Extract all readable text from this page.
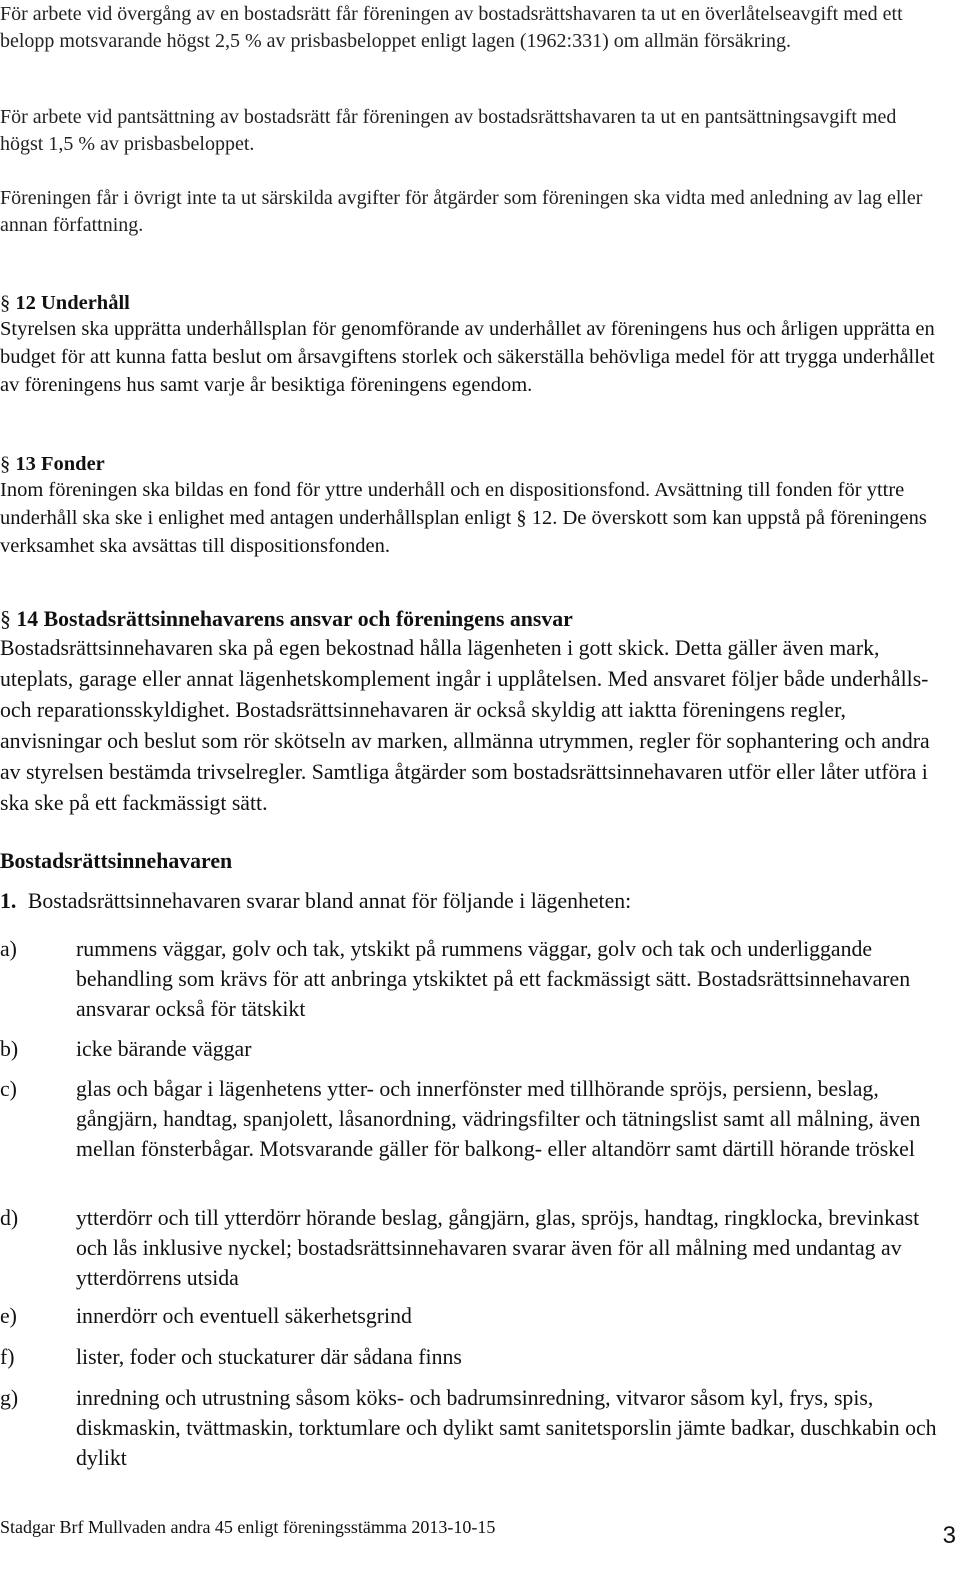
För arbete vid övergång av en bostadsrätt får föreningen av bostadsrättshavaren ta ut en överlåtelseavgift med ett belopp motsvarande högst 2,5 % av prisbasbeloppet enligt lagen (1962:331) om allmän försäkring.
För arbete vid pantsättning av bostadsrätt får föreningen av bostadsrättshavaren ta ut en pantsättningsavgift med högst 1,5 % av prisbasbeloppet.
Föreningen får i övrigt inte ta ut särskilda avgifter för åtgärder som föreningen ska vidta med anledning av lag eller annan författning.
§ 12 Underhåll
Styrelsen ska upprätta underhållsplan för genomförande av underhållet av föreningens hus och årligen upprätta en budget för att kunna fatta beslut om årsavgiftens storlek och säkerställa behövliga medel för att trygga underhållet av föreningens hus samt varje år besiktiga föreningens egendom.
§ 13 Fonder
Inom föreningen ska bildas en fond för yttre underhåll och en dispositionsfond. Avsättning till fonden för yttre underhåll ska ske i enlighet med antagen underhållsplan enligt § 12. De överskott som kan uppstå på föreningens verksamhet ska avsättas till dispositionsfonden.
§ 14 Bostadsrättsinnehavarens ansvar och föreningens ansvar
Bostadsrättsinnehavaren ska på egen bekostnad hålla lägenheten i gott skick. Detta gäller även mark, uteplats, garage eller annat lägenhetskomplement ingår i upplåtelsen. Med ansvaret följer både underhålls- och reparationsskyldighet. Bostadsrättsinnehavaren är också skyldig att iaktta föreningens regler, anvisningar och beslut som rör skötseln av marken, allmänna utrymmen, regler för sophantering och andra av styrelsen bestämda trivselregler. Samtliga åtgärder som bostadsrättsinnehavaren utför eller låter utföra i ska ske på ett fackmässigt sätt.
Bostadsrättsinnehavaren
1. Bostadsrättsinnehavaren svarar bland annat för följande i lägenheten:
a)	rummens väggar, golv och tak, ytskikt på rummens väggar, golv och tak och underliggande behandling som krävs för att anbringa ytskiktet på ett fackmässigt sätt. Bostadsrättsinnehavaren ansvarar också för tätskikt
b)	icke bärande väggar
c)	glas och bågar i lägenhetens ytter- och innerfönster med tillhörande spröjs, persienn, beslag, gångjärn, handtag, spanjolett, låsanordning, vädringsfilter och tätningslist samt all målning, även mellan fönsterbågar. Motsvarande gäller för balkong- eller altandörr samt därtill hörande tröskel
d)	ytterdörr och till ytterdörr hörande beslag, gångjärn, glas, spröjs, handtag, ringklocka, brevinkast och lås inklusive nyckel; bostadsrättsinnehavaren svarar även för all målning med undantag av ytterdörrens utsida
e)	innerdörr och eventuell säkerhetsgrind
f)	lister, foder och stuckaturer där sådana finns
g)	inredning och utrustning såsom köks- och badrumsinredning, vitvaror såsom kyl, frys, spis, diskmaskin, tvättmaskin, torktumlare och dylikt samt sanitetsporslin jämte badkar, duschkabin och dylikt
Stadgar Brf Mullvaden andra 45 enligt föreningsstämma 2013-10-15	3
